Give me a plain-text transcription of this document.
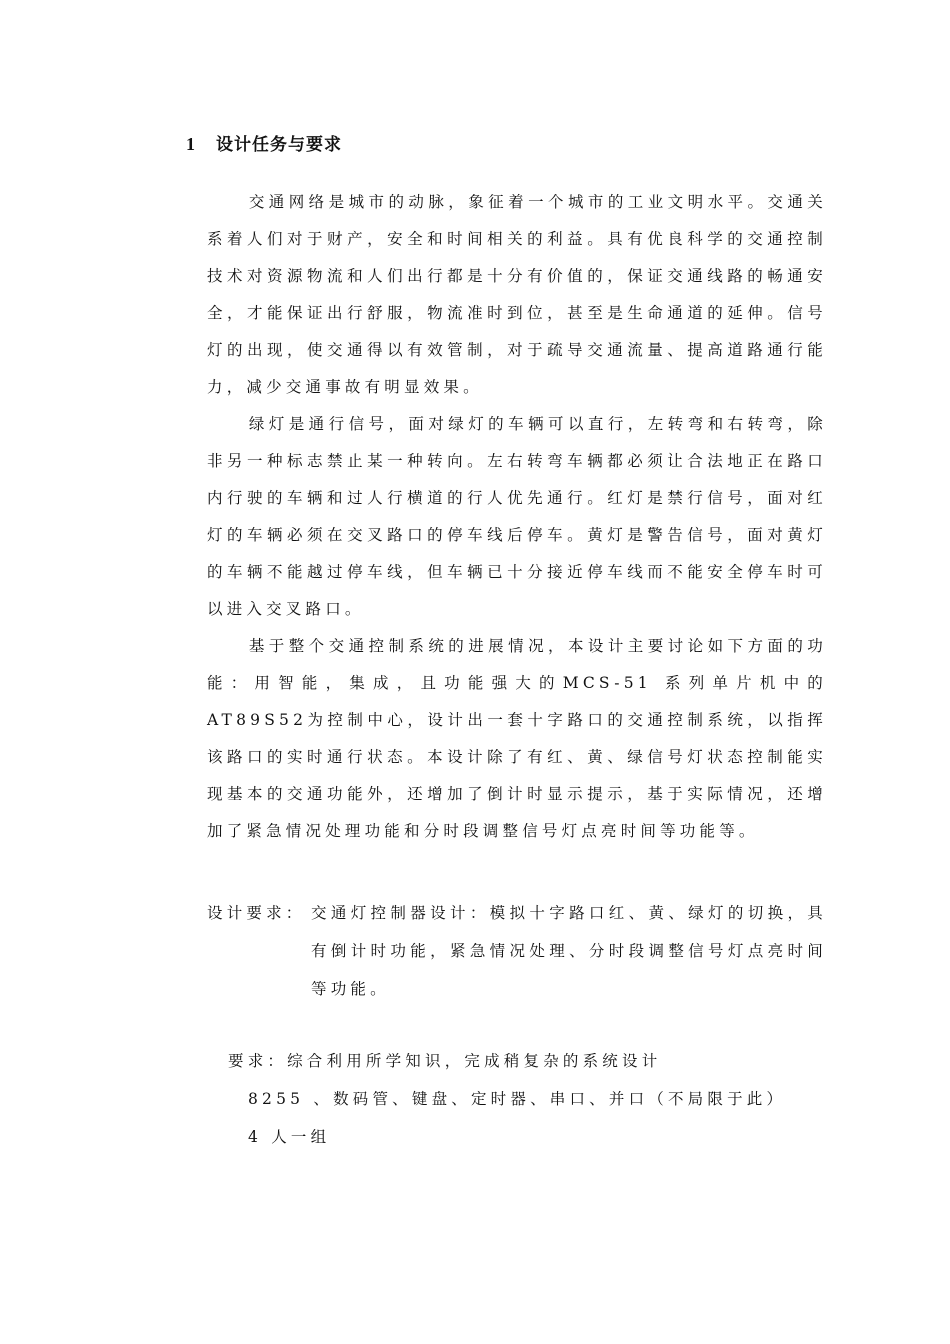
1 设计任务与要求

交通网络是城市的动脉，象征着一个城市的工业文明水平。交通关系着人们对于财产，安全和时间相关的利益。具有优良科学的交通控制技术对资源物流和人们出行都是十分有价值的，保证交通线路的畅通安全，才能保证出行舒服，物流准时到位，甚至是生命通道的延伸。信号灯的出现，使交通得以有效管制，对于疏导交通流量、提高道路通行能力，减少交通事故有明显效果。

绿灯是通行信号，面对绿灯的车辆可以直行，左转弯和右转弯，除非另一种标志禁止某一种转向。左右转弯车辆都必须让合法地正在路口内行驶的车辆和过人行横道的行人优先通行。红灯是禁行信号，面对红灯的车辆必须在交叉路口的停车线后停车。黄灯是警告信号，面对黄灯的车辆不能越过停车线，但车辆已十分接近停车线而不能安全停车时可以进入交叉路口。

基于整个交通控制系统的进展情况，本设计主要讨论如下方面的功能：用智能，集成，且功能强大的MCS-51 系列单片机中的AT89S52为控制中心，设计出一套十字路口的交通控制系统，以指挥该路口的实时通行状态。本设计除了有红、黄、绿信号灯状态控制能实现基本的交通功能外，还增加了倒计时显示提示，基于实际情况，还增加了紧急情况处理功能和分时段调整信号灯点亮时间等功能等。

设计要求： 交通灯控制器设计：模拟十字路口红、黄、绿灯的切换，具有倒计时功能，紧急情况处理、分时段调整信号灯点亮时间等功能。
要求：综合利用所学知识，完成稍复杂的系统设计
8255 、数码管、键盘、定时器、串口、并口（不局限于此）
4 人一组
